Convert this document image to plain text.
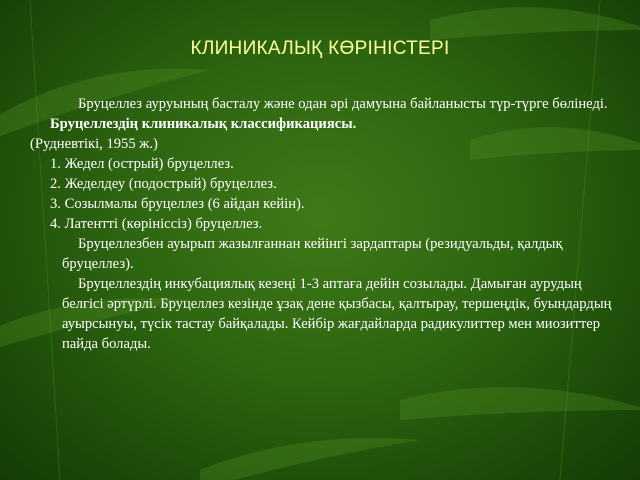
КЛИНИКАЛЫҚ КӨРІНІСТЕРІ

Бруцеллез ауруының басталу және одан әрі дамуына байланысты түр-түрге бөлінеді.

Бруцеллездің клиникалық классификациясы.

(Рудневтікі, 1955 ж.)

1. Жедел (острый) бруцеллез.

2. Жеделдеу (подострый) бруцеллез.

3. Созылмалы бруцеллез (6 айдан кейін).

4. Латентті (көрініссіз) бруцеллез.

Бруцеллезбен ауырып жазылғаннан кейінгі зардаптары (резидуальды, қалдық бруцеллез).

Бруцеллездің инкубациялық кезеңі 1-3 аптаға дейін созылады. Дамыған аурудың белгісі әртүрлі. Бруцеллез кезінде ұзақ дене қызбасы, қалтырау, тершеңдік, буындардың ауырсынуы, түсік тастау байқалады. Кейбір жағдайларда радикулиттер мен миозиттер пайда болады.
